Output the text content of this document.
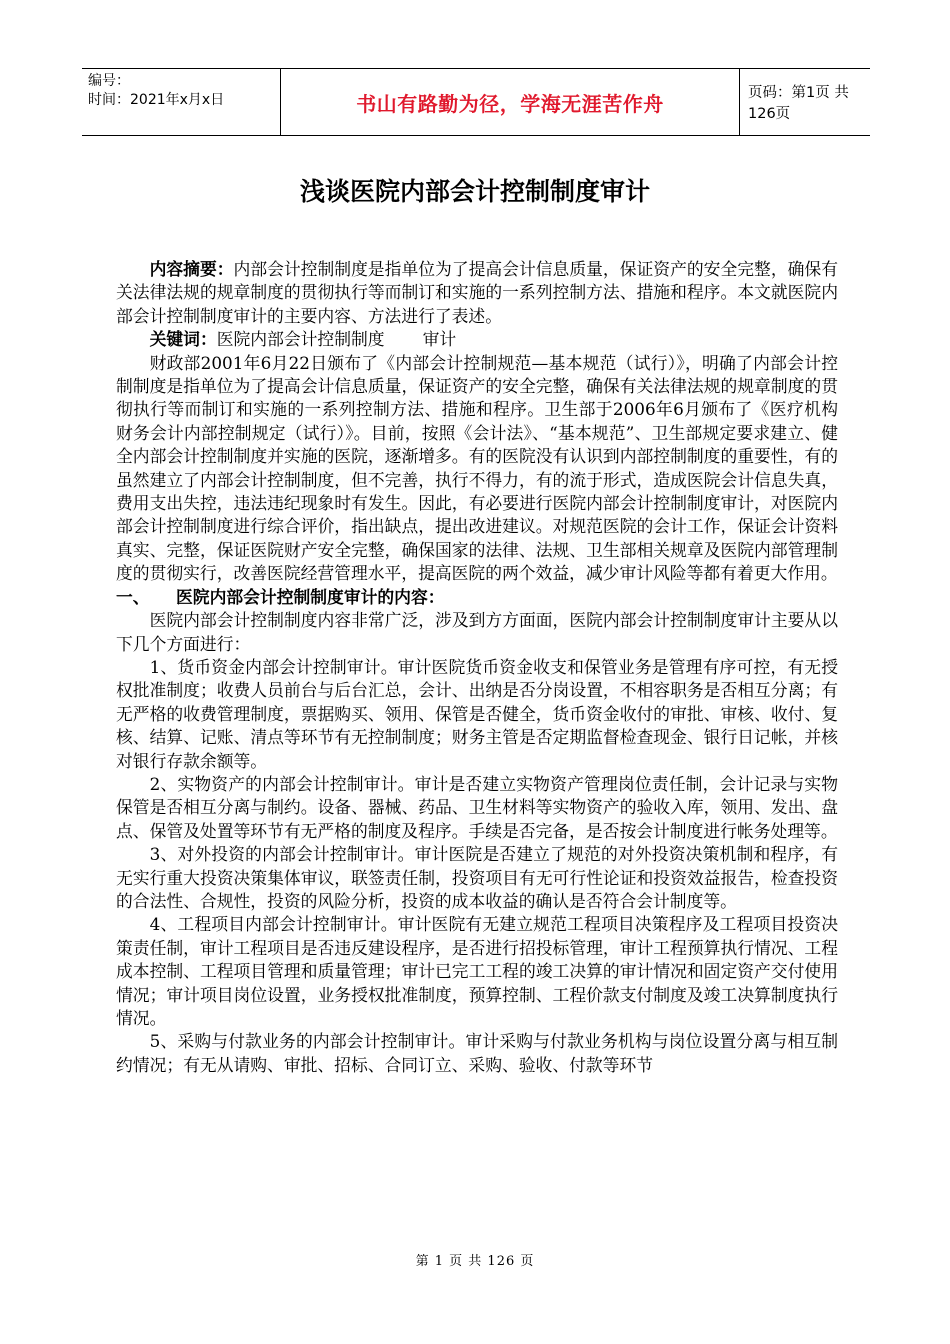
编号：
时间：2021年x月x日	书山有路勤为径，学海无涯苦作舟	页码：第1页 共126页
浅谈医院内部会计控制制度审计

内容摘要：内部会计控制制度是指单位为了提高会计信息质量，保证资产的安全完整，确保有关法律法规的规章制度的贯彻执行等而制订和实施的一系列控制方法、措施和程序。本文就医院内部会计控制制度审计的主要内容、方法进行了表述。

关键词：医院内部会计控制制度 审计

财政部2001年6月22日颁布了《内部会计控制规范—基本规范（试行）》，明确了内部会计控制制度是指单位为了提高会计信息质量，保证资产的安全完整，确保有关法律法规的规章制度的贯彻执行等而制订和实施的一系列控制方法、措施和程序。卫生部于2006年6月颁布了《医疗机构财务会计内部控制规定（试行）》。目前，按照《会计法》、“基本规范”、卫生部规定要求建立、健全内部会计控制制度并实施的医院，逐渐增多。有的医院没有认识到内部控制制度的重要性，有的虽然建立了内部会计控制制度，但不完善，执行不得力，有的流于形式，造成医院会计信息失真，费用支出失控，违法违纪现象时有发生。因此，有必要进行医院内部会计控制制度审计，对医院内部会计控制制度进行综合评价，指出缺点，提出改进建议。对规范医院的会计工作，保证会计资料真实、完整，保证医院财产安全完整，确保国家的法律、法规、卫生部相关规章及医院内部管理制度的贯彻实行，改善医院经营管理水平，提高医院的两个效益，减少审计风险等都有着更大作用。

一、 医院内部会计控制制度审计的内容：

医院内部会计控制制度内容非常广泛，涉及到方方面面，医院内部会计控制制度审计主要从以下几个方面进行：

1、货币资金内部会计控制审计。审计医院货币资金收支和保管业务是管理有序可控，有无授权批准制度；收费人员前台与后台汇总，会计、出纳是否分岗设置，不相容职务是否相互分离；有无严格的收费管理制度，票据购买、领用、保管是否健全，货币资金收付的审批、审核、收付、复核、结算、记账、清点等环节有无控制制度；财务主管是否定期监督检查现金、银行日记帐，并核对银行存款余额等。

2、实物资产的内部会计控制审计。审计是否建立实物资产管理岗位责任制，会计记录与实物保管是否相互分离与制约。设备、器械、药品、卫生材料等实物资产的验收入库，领用、发出、盘点、保管及处置等环节有无严格的制度及程序。手续是否完备，是否按会计制度进行帐务处理等。

3、对外投资的内部会计控制审计。审计医院是否建立了规范的对外投资决策机制和程序，有无实行重大投资决策集体审议，联签责任制，投资项目有无可行性论证和投资效益报告，检查投资的合法性、合规性，投资的风险分析，投资的成本收益的确认是否符合会计制度等。

4、工程项目内部会计控制审计。审计医院有无建立规范工程项目决策程序及工程项目投资决策责任制，审计工程项目是否违反建设程序，是否进行招投标管理，审计工程预算执行情况、工程成本控制、工程项目管理和质量管理；审计已完工工程的竣工决算的审计情况和固定资产交付使用情况；审计项目岗位设置，业务授权批准制度，预算控制、工程价款支付制度及竣工决算制度执行情况。

5、采购与付款业务的内部会计控制审计。审计采购与付款业务机构与岗位设置分离与相互制约情况；有无从请购、审批、招标、合同订立、采购、验收、付款等环节

第 1 页 共 126 页
